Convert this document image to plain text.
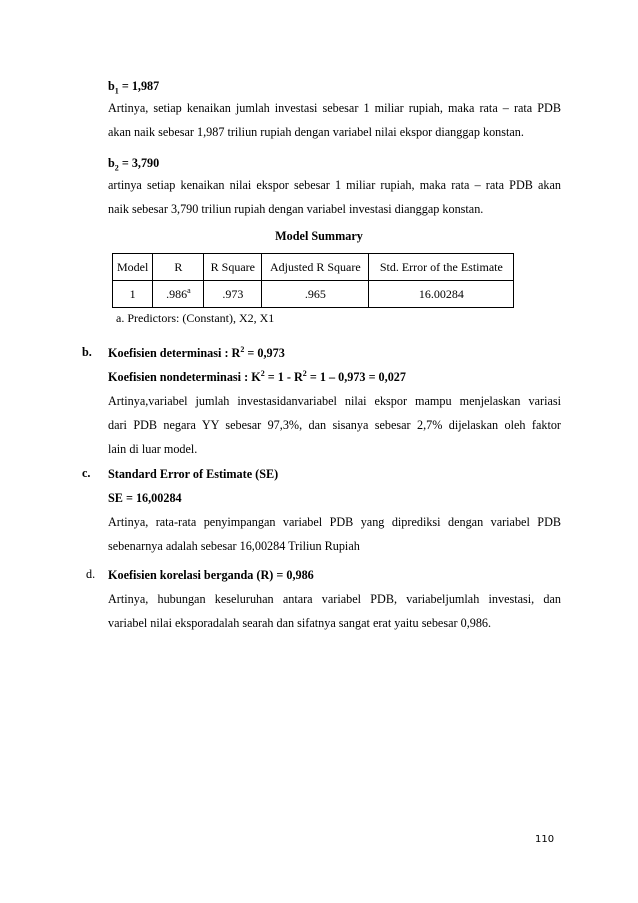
$b_1 = 1,987$
Artinya, setiap kenaikan jumlah investasi sebesar 1 miliar rupiah, maka rata – rata PDB
akan naik sebesar 1,987 triliun rupiah dengan variabel nilai ekspor dianggap konstan.
$b_2 = 3,790$
artinya setiap kenaikan nilai ekspor sebesar 1 miliar rupiah, maka rata – rata PDB akan
naik sebesar 3,790 triliun rupiah dengan variabel investasi dianggap konstan.
Model Summary
Model	R	R Square	Adjusted R Square	Std. Error of the Estimate
1	.986$^a$	.973	.965	16.00284
a. Predictors: (Constant), X2, X1
b. Koefisien determinasi : $R^2 = 0,973$
Koefisien nondeterminasi : $K^2 = 1 - R^2 = 1 - 0,973 = 0,027$
Artinya,variabel jumlah investasidanvariabel nilai ekspor mampu menjelaskan variasi
dari PDB negara YY sebesar 97,3%, dan sisanya sebesar 2,7% dijelaskan oleh faktor
lain di luar model.
c. Standard Error of Estimate (SE)
SE = 16,00284
Artinya, rata-rata penyimpangan variabel PDB yang diprediksi dengan variabel PDB
sebenarnya adalah sebesar 16,00284 Triliun Rupiah
d. Koefisien korelasi berganda (R) = 0,986
Artinya, hubungan keseluruhan antara variabel PDB, variabeljumlah investasi, dan
variabel nilai eksporadalah searah dan sifatnya sangat erat yaitu sebesar 0,986.
110
